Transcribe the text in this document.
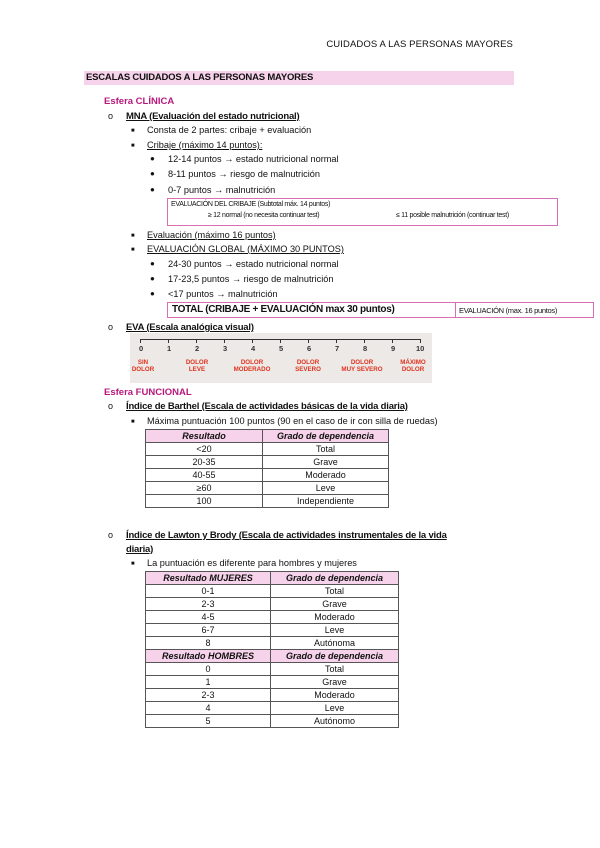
CUIDADOS A LAS PERSONAS MAYORES
ESCALAS CUIDADOS A LAS PERSONAS MAYORES
Esfera CLÍNICA
o MNA (Evaluación del estado nutricional)
■ Consta de 2 partes: cribaje + evaluación
■ Cribaje (máximo 14 puntos):
● 12-14 puntos → estado nutricional normal
● 8-11 puntos → riesgo de malnutrición
● 0-7 puntos → malnutrición
EVALUACIÓN DEL CRIBAJE (Subtotal máx. 14 puntos)
≥ 12 normal (no necesita continuar test)	≤ 11 posible malnutrición (continuar test)
■ Evaluación (máximo 16 puntos)
■ EVALUACIÓN GLOBAL (MÁXIMO 30 PUNTOS)
● 24-30 puntos → estado nutricional normal
● 17-23,5 puntos → riesgo de malnutrición
● <17 puntos → malnutrición
TOTAL (CRIBAJE + EVALUACIÓN max 30 puntos)	EVALUACIÓN (max. 16 puntos)
o EVA (Escala analógica visual)
0	1	2	3	4	5	6	7	8	9	10
SIN
DOLOR
DOLOR
LEVE
DOLOR
MODERADO
DOLOR
SEVERO
DOLOR
MUY SEVERO
MÁXIMO
DOLOR
Esfera FUNCIONAL
o Índice de Barthel (Escala de actividades básicas de la vida diaria)
■ Máxima puntuación 100 puntos (90 en el caso de ir con silla de ruedas)
Resultado	Grado de dependencia
<20	Total
20-35	Grave
40-55	Moderado
≥60	Leve
100	Independiente
o Índice de Lawton y Brody (Escala de actividades instrumentales de la vida
diaria)
■ La puntuación es diferente para hombres y mujeres
Resultado MUJERES	Grado de dependencia
0-1	Total
2-3	Grave
4-5	Moderado
6-7	Leve
8	Autónoma
Resultado HOMBRES	Grado de dependencia
0	Total
1	Grave
2-3	Moderado
4	Leve
5	Autónomo
